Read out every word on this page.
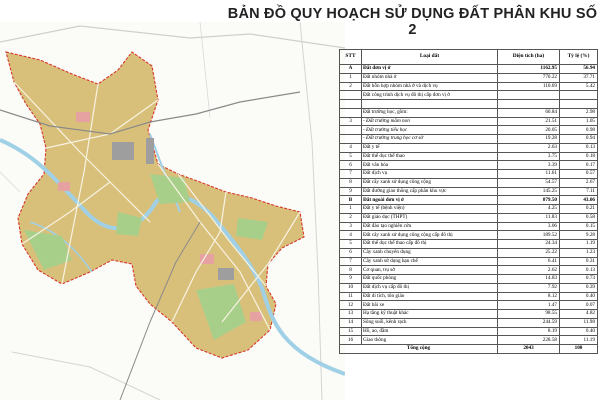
BẢN ĐỒ QUY HOẠCH SỬ DỤNG ĐẤT PHÂN KHU SỐ 2
STT	Loại đất	Diện tích (ha)	Tỷ lệ (%)
A	Đất đơn vị ở	1162.95	56.94
1	Đất nhóm nhà ở	770.22	37.71
2	Đất hỗn hợp nhóm nhà ở và dịch vụ	110.69	5.42
	Đất công trình dịch vụ đô thị cấp đơn vị ở		

	Đất trường học, gồm:	60.84	2.98
3	- Đất trường mầm non	21.51	1.05
	- Đất trường tiểu học	20.05	0.98
	- Đất trường trung học cơ sở	19.28	0.94
4	Đất y tế	2.63	0.13
5	Đất thể dục thể thao	3.75	0.18
6	Đất văn hóa	3.39	0.17
7	Đất dịch vụ	11.61	0.57
8	Đất cây xanh sử dụng công cộng	54.57	2.67
9	Đất đường giao thông cấp phân khu vực	145.25	7.11
B	Đất ngoài đơn vị ở	879.50	43.06
1	Đất y tế (bệnh viện)	4.25	0.21
2	Đất giáo dục (THPT)	11.83	0.58
3	Đất đào tạo nghiên cứu	3.06	0.15
4	Đất cây xanh sử dụng công cộng cấp đô thị	189.52	9.28
5	Đất thể dục thể thao cấp đô thị	24.34	1.19
6	Cây xanh chuyên dụng	25.22	1.23
7	Cây xanh sử dụng hạn chế	6.41	0.31
8	Cơ quan, trụ sở	2.62	0.13
9	Đất quốc phòng	14.83	0.73
10	Đất dịch vụ cấp đô thị	7.92	0.39
11	Đất di tích, tôn giáo	8.12	0.40
12	Đất bãi xe	1.47	0.07
13	Hạ tầng kỹ thuật khác	98.55	4.82
14	Sông suối, kênh rạch	244.59	11.98
15	Hồ, ao, đầm	8.19	0.40
16	Giao thông	228.58	11.19
Tổng cộng		2043	100
